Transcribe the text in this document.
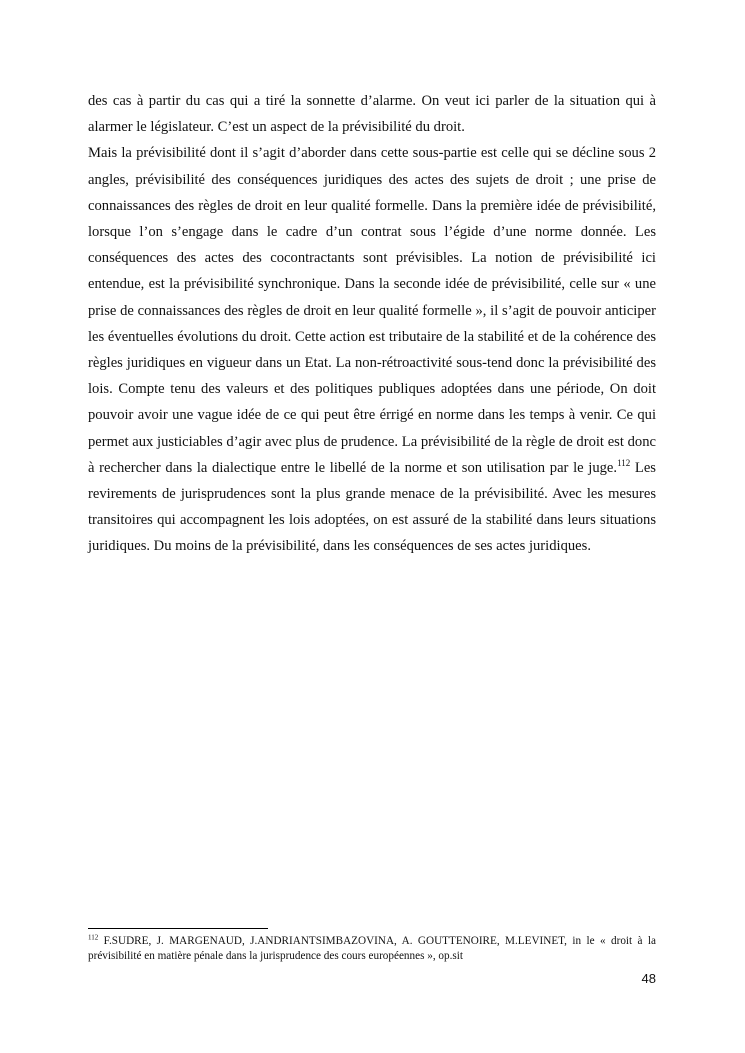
des cas à partir du cas qui a tiré la sonnette d’alarme. On veut ici parler de la situation qui à alarmer le législateur. C’est un aspect de la prévisibilité du droit.

Mais la prévisibilité dont il s’agit d’aborder dans cette sous-partie est celle qui se décline sous 2 angles, prévisibilité des conséquences juridiques des actes des sujets de droit ; une prise de connaissances des règles de droit en leur qualité formelle. Dans la première idée de prévisibilité, lorsque l’on s’engage dans le cadre d’un contrat sous l’égide d’une norme donnée. Les conséquences des actes des cocontractants sont prévisibles. La notion de prévisibilité ici entendue, est la prévisibilité synchronique. Dans la seconde idée de prévisibilité, celle sur « une prise de connaissances des règles de droit en leur qualité formelle », il s’agit de pouvoir anticiper les éventuelles évolutions du droit. Cette action est tributaire de la stabilité et de la cohérence des règles juridiques en vigueur dans un Etat. La non-rétroactivité sous-tend donc la prévisibilité des lois. Compte tenu des valeurs et des politiques publiques adoptées dans une période, On doit pouvoir avoir une vague idée de ce qui peut être érrigé en norme dans les temps à venir. Ce qui permet aux justiciables d’agir avec plus de prudence. La prévisibilité de la règle de droit est donc à rechercher dans la dialectique entre le libellé de la norme et son utilisation par le juge.$^{112}$ Les revirements de jurisprudences sont la plus grande menace de la prévisibilité. Avec les mesures transitoires qui accompagnent les lois adoptées, on est assuré de la stabilité dans leurs situations juridiques. Du moins de la prévisibilité, dans les conséquences de ses actes juridiques.

$^{112}$ F.SUDRE, J. MARGENAUD, J.ANDRIANTSIMBAZOVINA, A. GOUTTENOIRE, M.LEVINET, in le « droit à la prévisibilité en matière pénale dans la jurisprudence des cours européennes », op.sit
48
